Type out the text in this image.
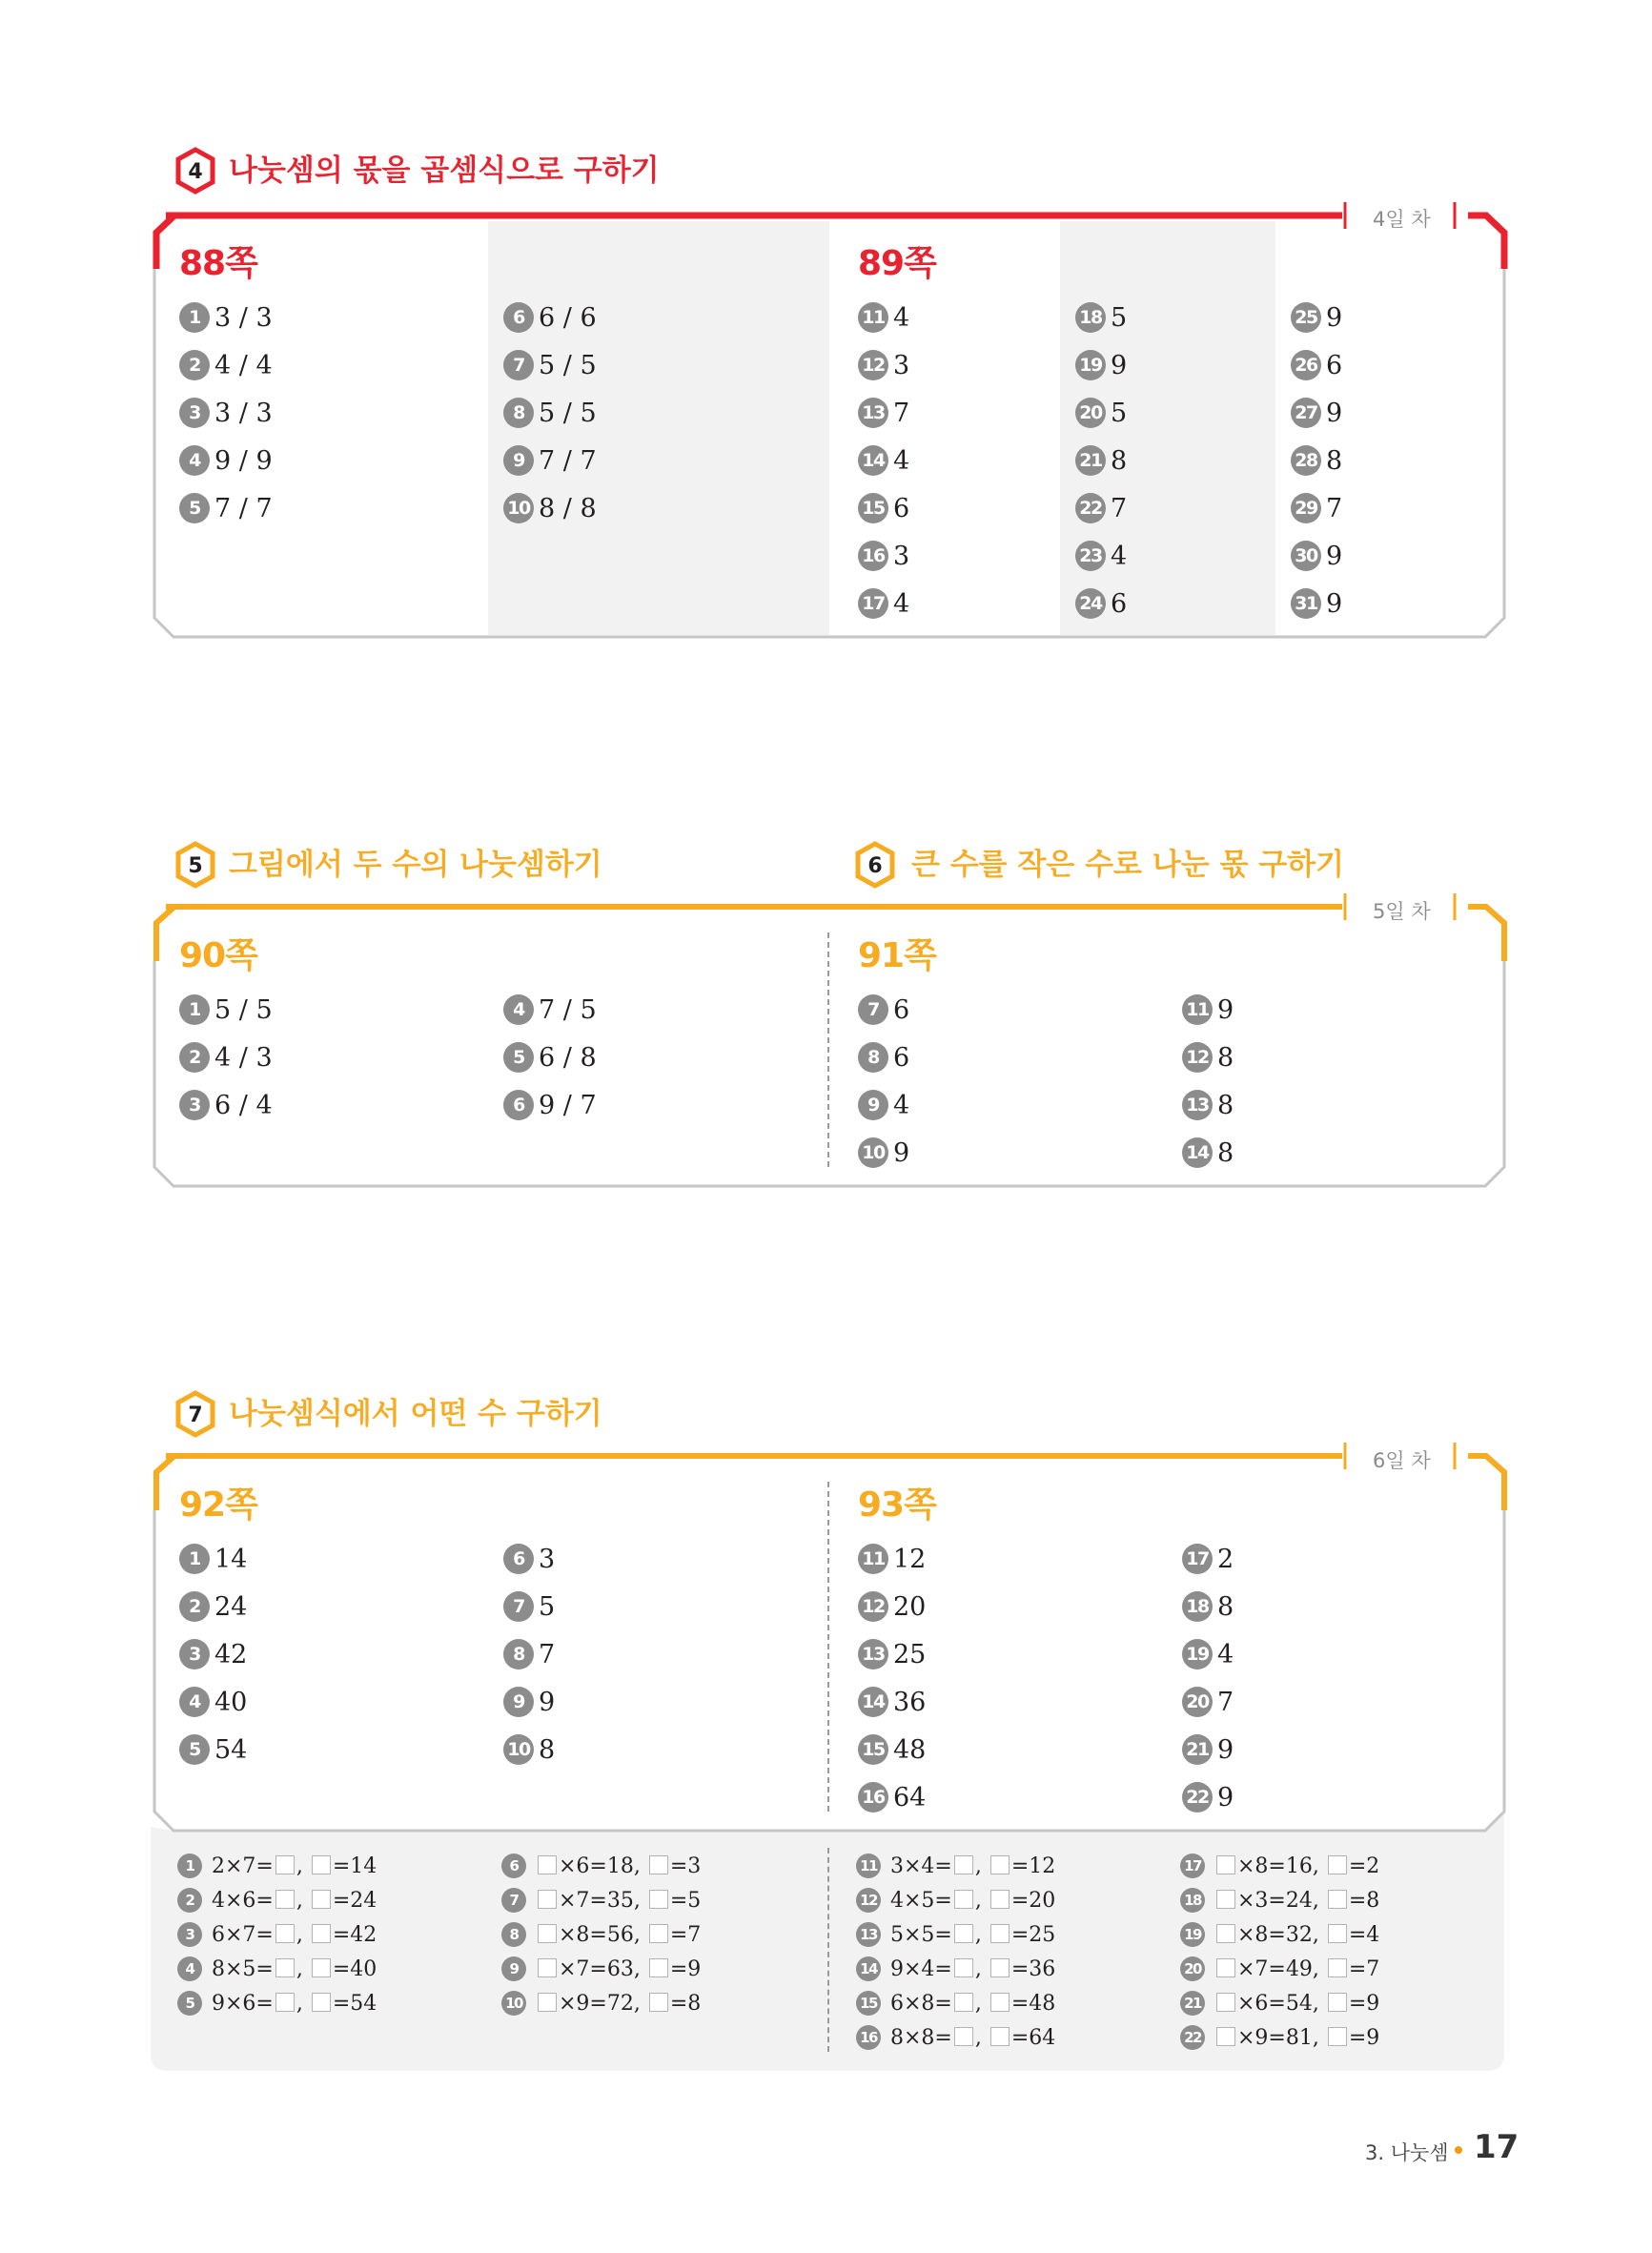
4 나눗셈의 몫을 곱셈식으로 구하기
4일 차
88쪽	89쪽
1 3 / 3
2 4 / 4
3 3 / 3
4 9 / 9
5 7 / 7
6 6 / 6
7 5 / 5
8 5 / 5
9 7 / 7
10 8 / 8
11 4
12 3
13 7
14 4
15 6
16 3
17 4
18 5
19 9
20 5
21 8
22 7
23 4
24 6
25 9
26 6
27 9
28 8
29 7
30 9
31 9
5 그림에서 두 수의 나눗셈하기	6 큰 수를 작은 수로 나눈 몫 구하기
5일 차
90쪽	91쪽
1 5 / 5
2 4 / 3
3 6 / 4
4 7 / 5
5 6 / 8
6 9 / 7
7 6
8 6
9 4
10 9
11 9
12 8
13 8
14 8
7 나눗셈식에서 어떤 수 구하기
6일 차
92쪽	93쪽
1 14
2 24
3 42
4 40
5 54
6 3
7 5
8 7
9 9
10 8
11 12
12 20
13 25
14 36
15 48
16 64
17 2
18 8
19 4
20 7
21 9
22 9
1 2×7= , =14
2 4×6= , =24
3 6×7= , =42
4 8×5= , =40
5 9×6= , =54
6 ×6=18, =3
7 ×7=35, =5
8 ×8=56, =7
9 ×7=63, =9
10 ×9=72, =8
11 3×4= , =12
12 4×5= , =20
13 5×5= , =25
14 9×4= , =36
15 6×8= , =48
16 8×8= , =64
17 ×8=16, =2
18 ×3=24, =8
19 ×8=32, =4
20 ×7=49, =7
21 ×6=54, =9
22 ×9=81, =9
3. 나눗셈 17
